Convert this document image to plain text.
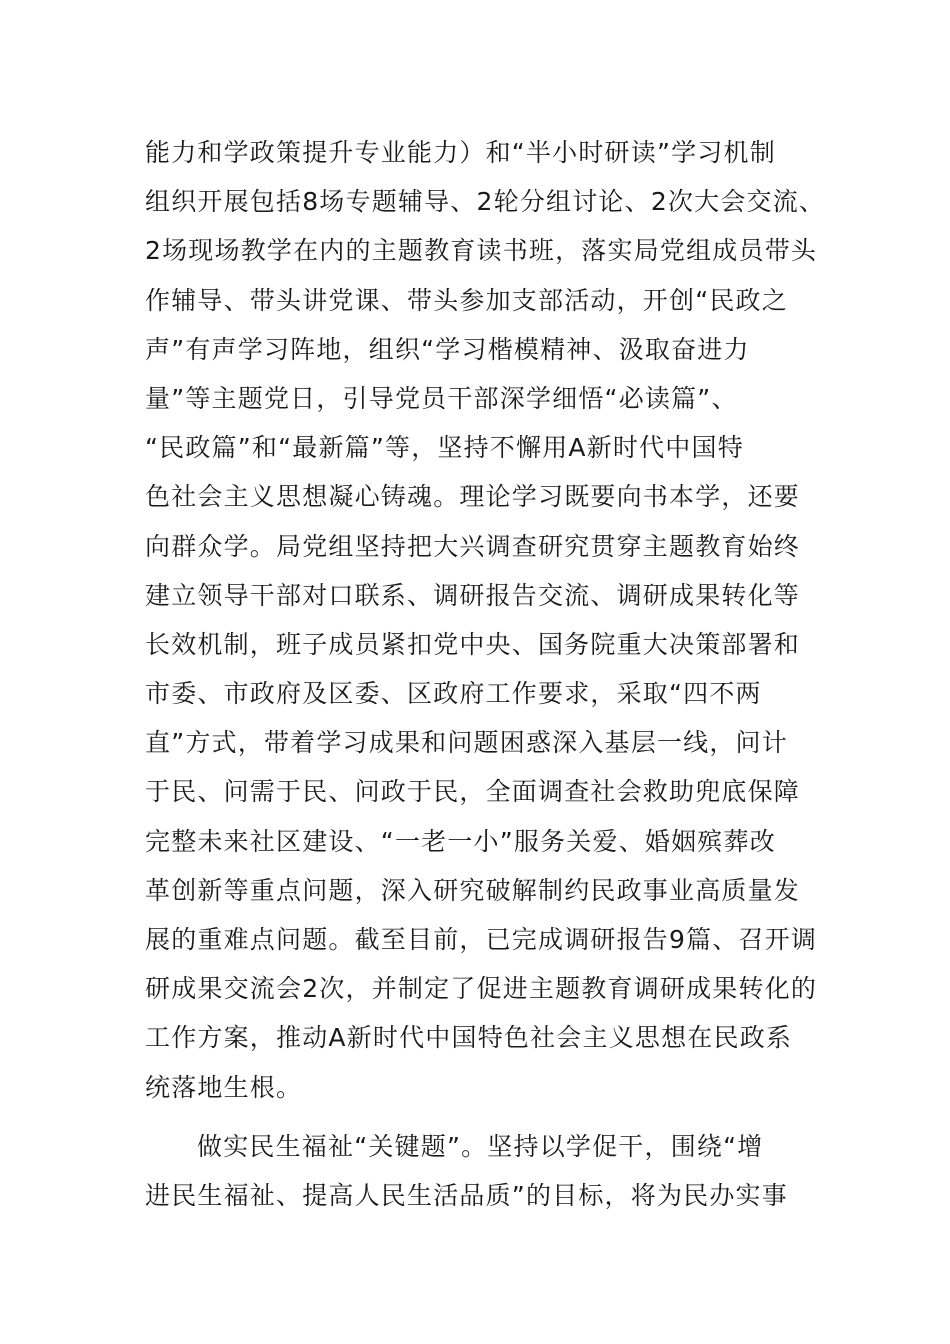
能力和学政策提升专业能力）和“半小时研读”学习机制
组织开展包括8场专题辅导、2轮分组讨论、2次大会交流、
2场现场教学在内的主题教育读书班，落实局党组成员带头
作辅导、带头讲党课、带头参加支部活动，开创“民政之
声”有声学习阵地，组织“学习楷模精神、汲取奋进力
量”等主题党日，引导党员干部深学细悟“必读篇”、
“民政篇”和“最新篇”等，坚持不懈用A新时代中国特
色社会主义思想凝心铸魂。理论学习既要向书本学，还要
向群众学。局党组坚持把大兴调查研究贯穿主题教育始终
建立领导干部对口联系、调研报告交流、调研成果转化等
长效机制，班子成员紧扣党中央、国务院重大决策部署和
市委、市政府及区委、区政府工作要求，采取“四不两
直”方式，带着学习成果和问题困惑深入基层一线，问计
于民、问需于民、问政于民，全面调查社会救助兜底保障
完整未来社区建设、“一老一小”服务关爱、婚姻殡葬改
革创新等重点问题，深入研究破解制约民政事业高质量发
展的重难点问题。截至目前，已完成调研报告9篇、召开调
研成果交流会2次，并制定了促进主题教育调研成果转化的
工作方案，推动A新时代中国特色社会主义思想在民政系
统落地生根。
做实民生福祉“关键题”。坚持以学促干，围绕“增
进民生福祉、提高人民生活品质”的目标，将为民办实事
